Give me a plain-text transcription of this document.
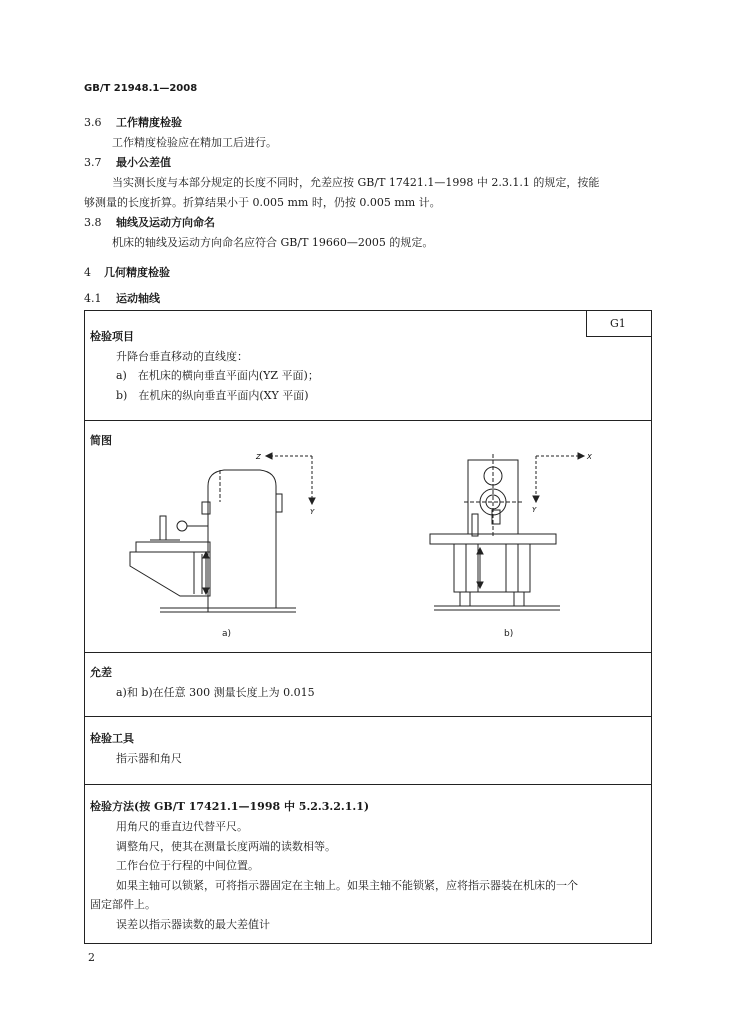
GB/T 21948.1—2008
3.6 工作精度检验
工作精度检验应在精加工后进行。
3.7 最小公差值
当实测长度与本部分规定的长度不同时，允差应按 GB/T 17421.1—1998 中 2.3.1.1 的规定，按能
够测量的长度折算。折算结果小于 0.005 mm 时，仍按 0.005 mm 计。
3.8 轴线及运动方向命名
机床的轴线及运动方向命名应符合 GB/T 19660—2005 的规定。
4 几何精度检验
4.1 运动轴线
G1
检验项目
升降台垂直移动的直线度：
a)　在机床的横向垂直平面内(YZ 平面)；
b)　在机床的纵向垂直平面内(XY 平面)
简图
Z
Y
a)
X
Y
b)
允差
a)和 b)在任意 300 测量长度上为 0.015
检验工具
指示器和角尺
检验方法(按 GB/T 17421.1—1998 中 5.2.3.2.1.1)
用角尺的垂直边代替平尺。
调整角尺，使其在测量长度两端的读数相等。
工作台位于行程的中间位置。
如果主轴可以锁紧，可将指示器固定在主轴上。如果主轴不能锁紧，应将指示器装在机床的一个
固定部件上。
误差以指示器读数的最大差值计
2
